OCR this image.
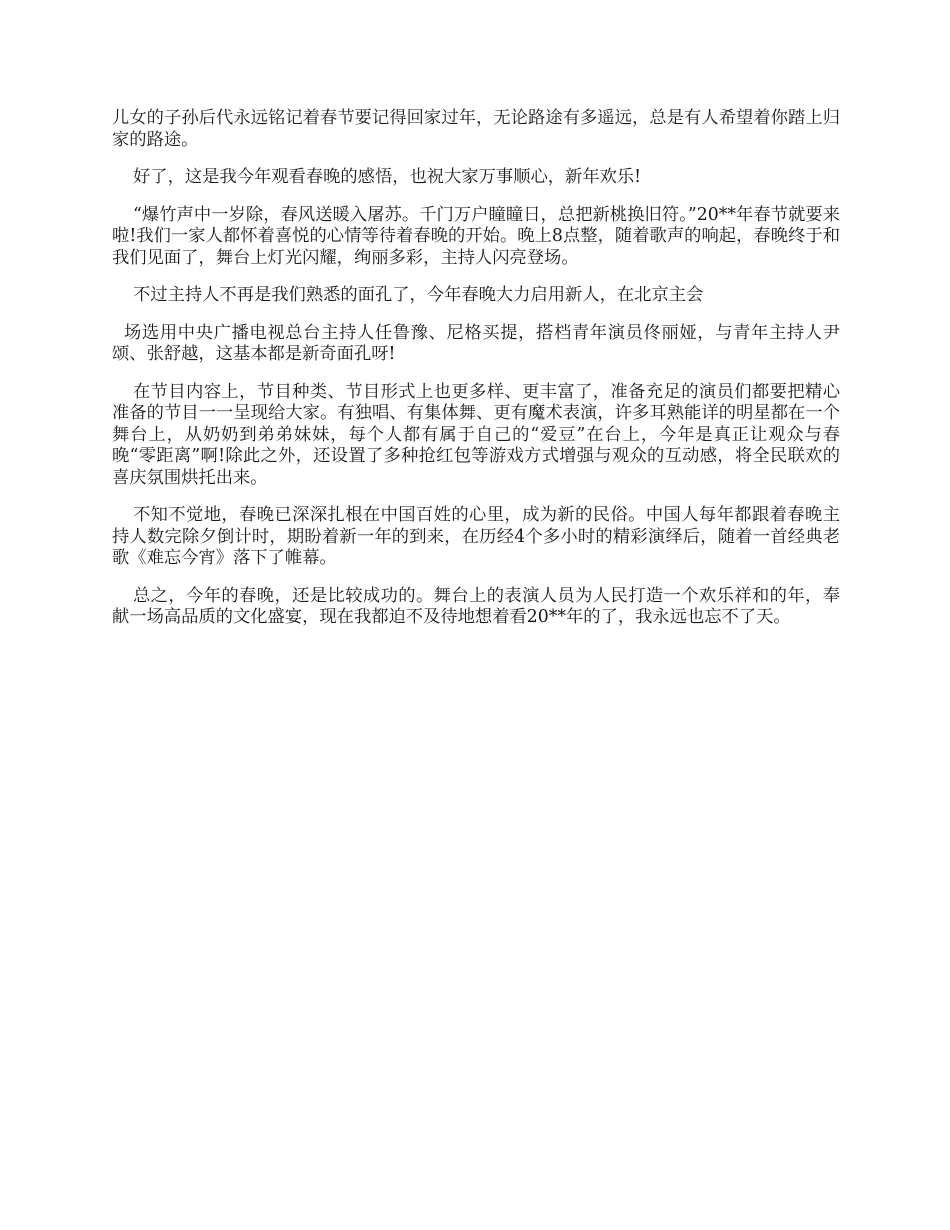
儿女的子孙后代永远铭记着春节要记得回家过年，无论路途有多遥远，总是有人希望着你踏上归家的路途。

好了，这是我今年观看春晚的感悟，也祝大家万事顺心，新年欢乐!

“爆竹声中一岁除，春风送暖入屠苏。千门万户瞳瞳日，总把新桃换旧符。”20**年春节就要来啦!我们一家人都怀着喜悦的心情等待着春晚的开始。晚上8点整，随着歌声的响起，春晚终于和我们见面了，舞台上灯光闪耀，绚丽多彩，主持人闪亮登场。

不过主持人不再是我们熟悉的面孔了，今年春晚大力启用新人，在北京主会

场选用中央广播电视总台主持人任鲁豫、尼格买提，搭档青年演员佟丽娅，与青年主持人尹颂、张舒越，这基本都是新奇面孔呀!

在节目内容上，节目种类、节目形式上也更多样、更丰富了，准备充足的演员们都要把精心准备的节目一一呈现给大家。有独唱、有集体舞、更有魔术表演，许多耳熟能详的明星都在一个舞台上，从奶奶到弟弟妹妹，每个人都有属于自己的“爱豆”在台上，今年是真正让观众与春晚“零距离”啊!除此之外，还设置了多种抢红包等游戏方式增强与观众的互动感，将全民联欢的喜庆氛围烘托出来。

不知不觉地，春晚已深深扎根在中国百姓的心里，成为新的民俗。中国人每年都跟着春晚主持人数完除夕倒计时，期盼着新一年的到来，在历经4个多小时的精彩演绎后，随着一首经典老歌《难忘今宵》落下了帷幕。

总之，今年的春晚，还是比较成功的。舞台上的表演人员为人民打造一个欢乐祥和的年，奉献一场高品质的文化盛宴，现在我都迫不及待地想着看20**年的了，我永远也忘不了天。
